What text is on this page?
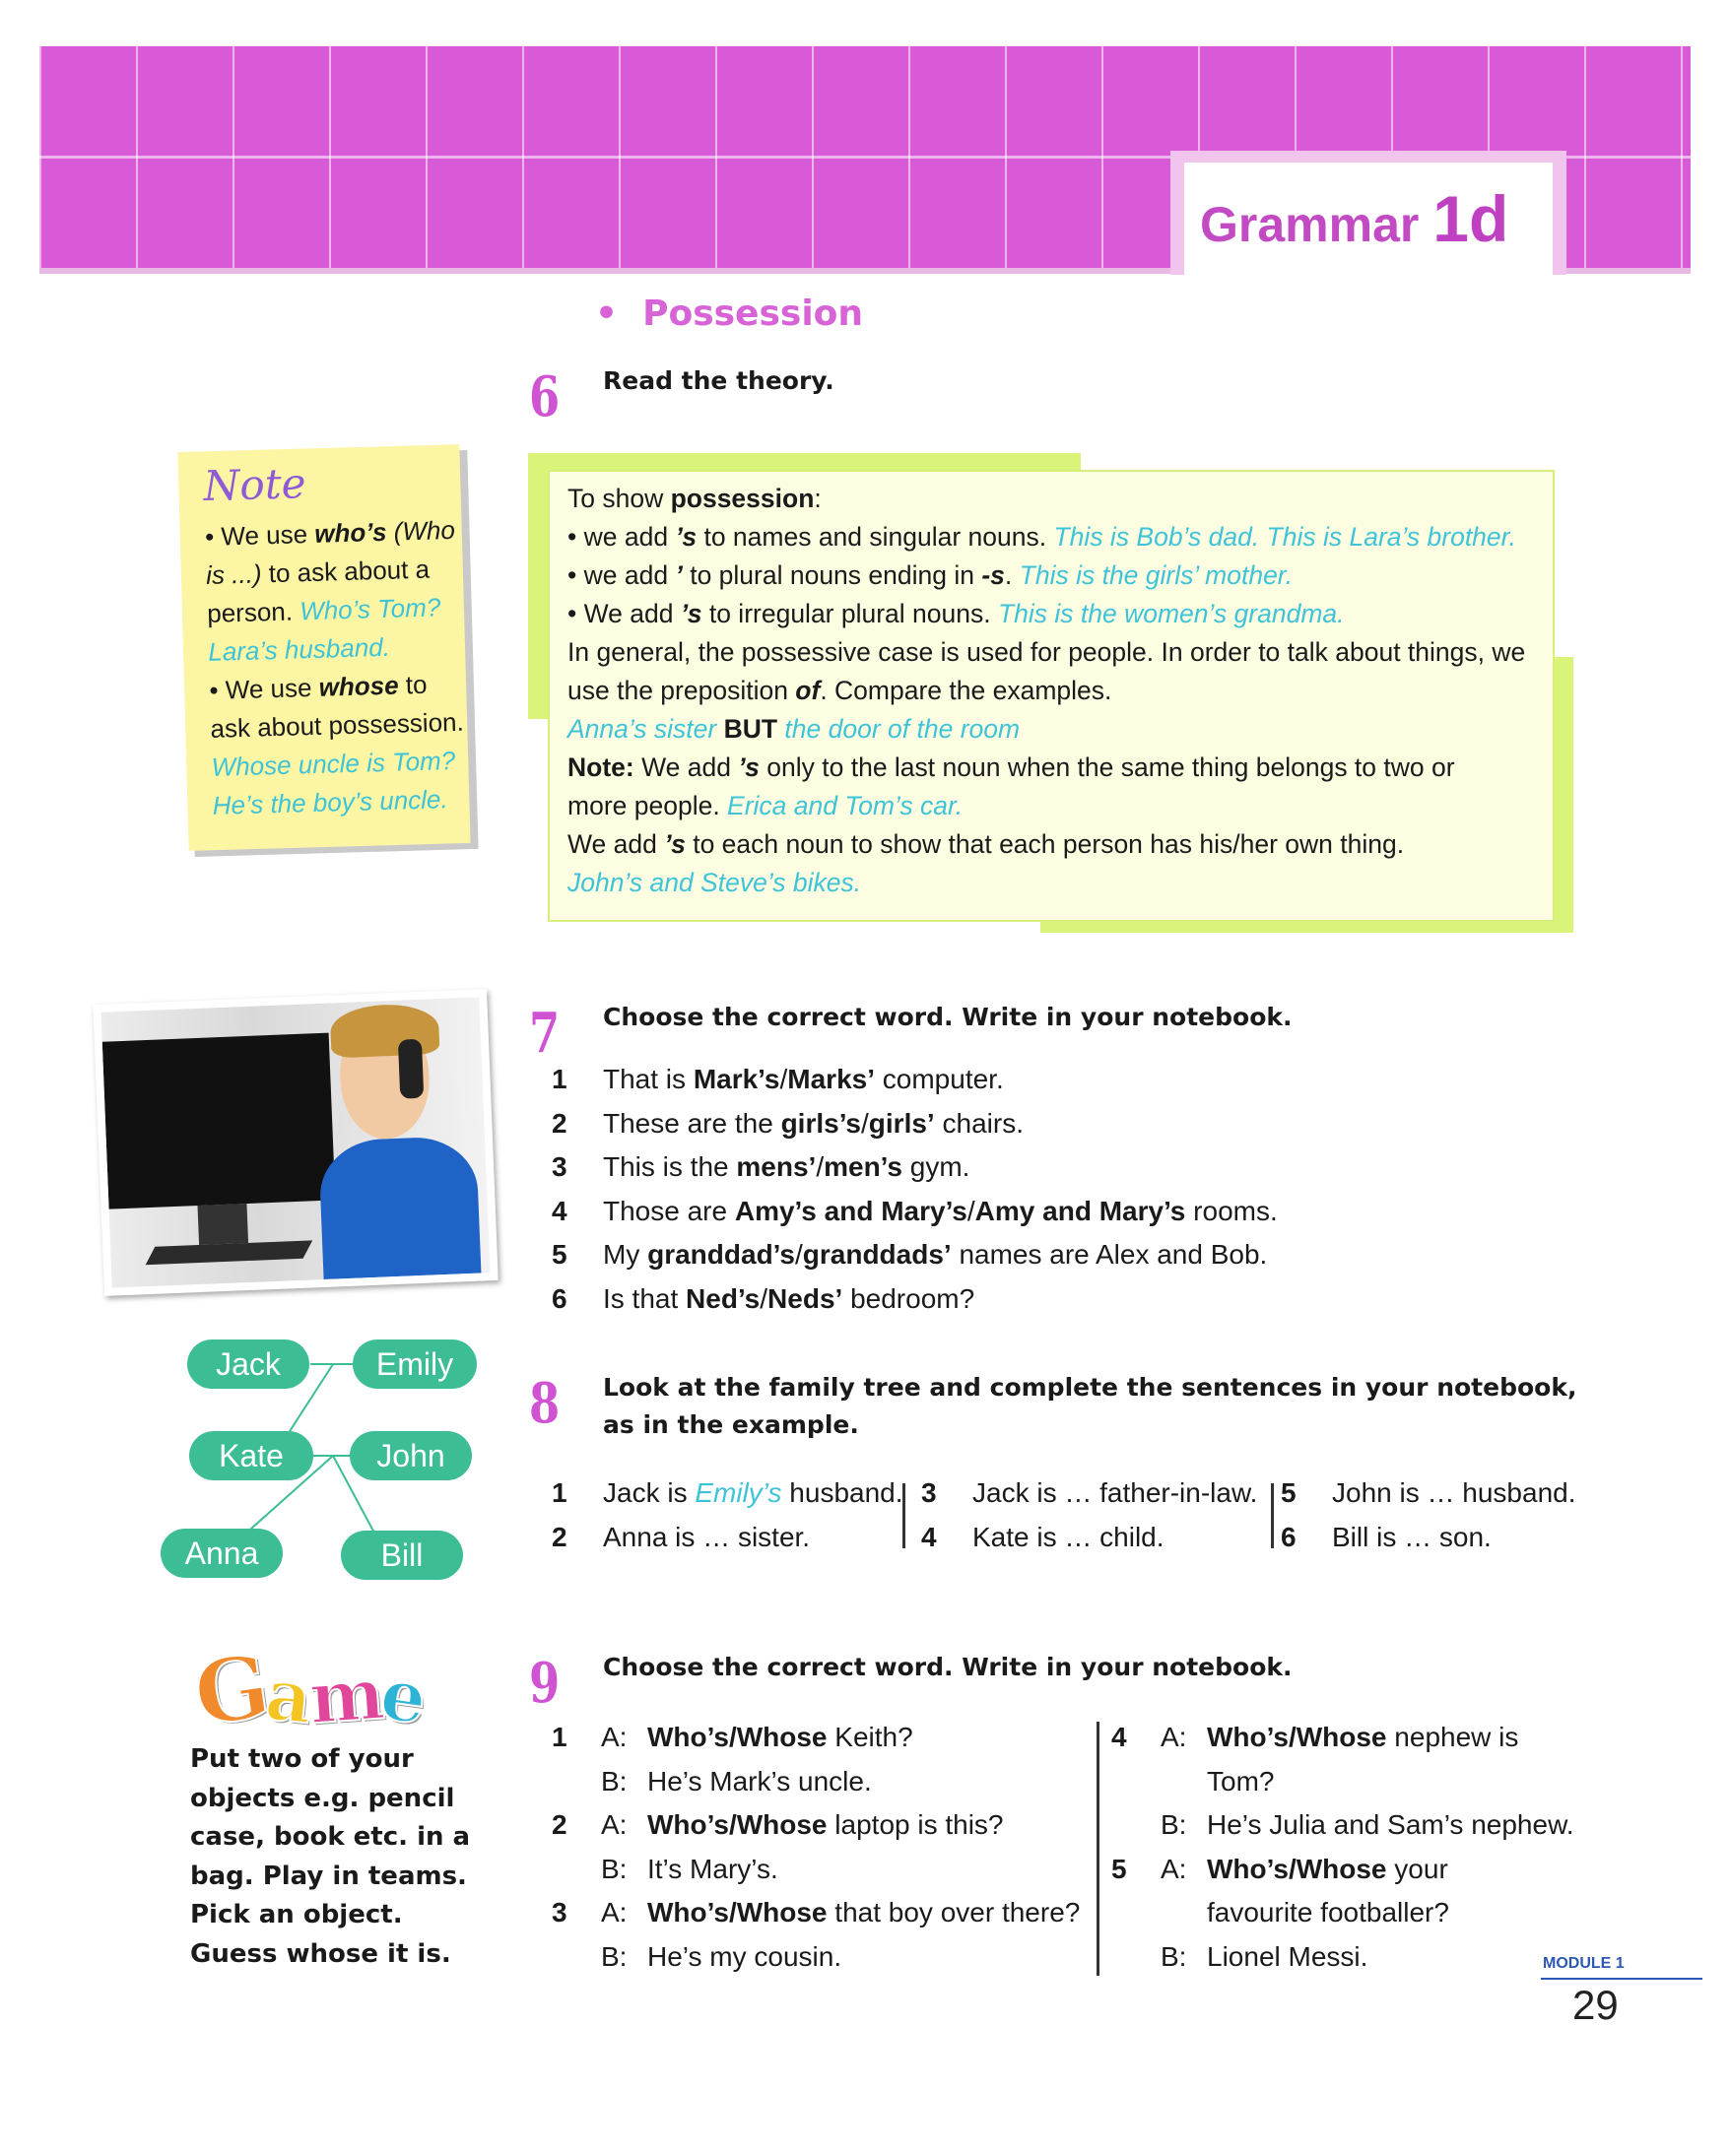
Grammar 1d
•  Possession
Note
• We use who’s (Who
is ...) to ask about a
person. Who’s Tom?
Lara’s husband.
• We use whose to
ask about possession.
Whose uncle is Tom?
He’s the boy’s uncle.
6 Read the theory.
To show possession:
• we add ’s to names and singular nouns. This is Bob’s dad. This is Lara’s brother.
• we add ’ to plural nouns ending in -s. This is the girls’ mother.
• We add ’s to irregular plural nouns. This is the women’s grandma.
In general, the possessive case is used for people. In order to talk about things, we
use the preposition of. Compare the examples.
Anna’s sister BUT the door of the room
Note: We add ’s only to the last noun when the same thing belongs to two or
more people. Erica and Tom’s car.
We add ’s to each noun to show that each person has his/her own thing.
John’s and Steve’s bikes.
7 Choose the correct word. Write in your notebook.
1 That is Mark’s/Marks’ computer.
2 These are the girls’s/girls’ chairs.
3 This is the mens’/men’s gym.
4 Those are Amy’s and Mary’s/Amy and Mary’s rooms.
5 My granddad’s/granddads’ names are Alex and Bob.
6 Is that Ned’s/Neds’ bedroom?
Jack	Emily
Kate	John
Anna	Bill
8 Look at the family tree and complete the sentences in your notebook,
as in the example.
1 Jack is Emily’s husband.
2 Anna is … sister.
3 Jack is … father-in-law.
4 Kate is … child.
5 John is … husband.
6 Bill is … son.
Game
Put two of your
objects e.g. pencil
case, book etc. in a
bag. Play in teams.
Pick an object.
Guess whose it is.
9 Choose the correct word. Write in your notebook.
1 A: Who’s/Whose Keith?
B: He’s Mark’s uncle.
2 A: Who’s/Whose laptop is this?
B: It’s Mary’s.
3 A: Who’s/Whose that boy over there?
B: He’s my cousin.
4 A: Who’s/Whose nephew is
Tom?
B: He’s Julia and Sam’s nephew.
5 A: Who’s/Whose your
favourite footballer?
B: Lionel Messi.	MODULE 1
29
